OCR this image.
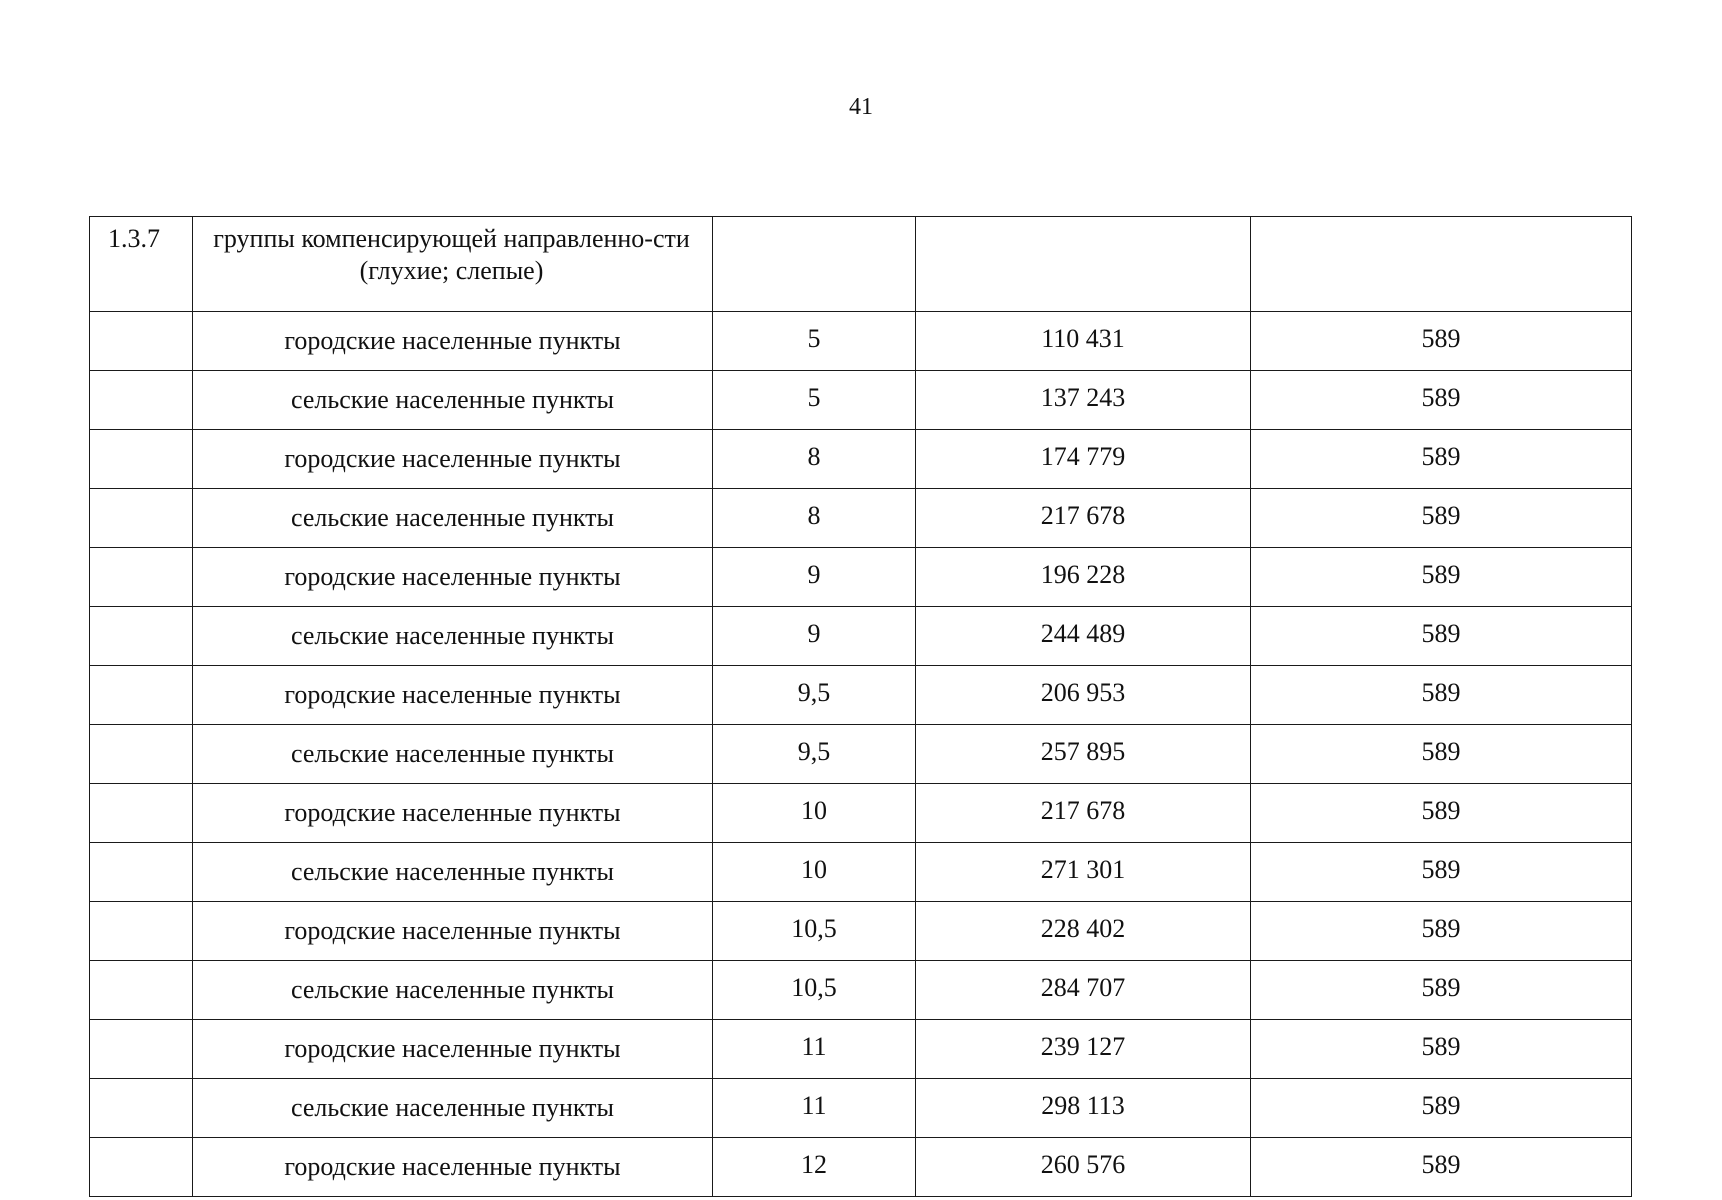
41
1.3.7	группы компенсирующей направленно-сти (глухие; слепые)			
	городские населенные пункты	5	110 431	589
	сельские населенные пункты	5	137 243	589
	городские населенные пункты	8	174 779	589
	сельские населенные пункты	8	217 678	589
	городские населенные пункты	9	196 228	589
	сельские населенные пункты	9	244 489	589
	городские населенные пункты	9,5	206 953	589
	сельские населенные пункты	9,5	257 895	589
	городские населенные пункты	10	217 678	589
	сельские населенные пункты	10	271 301	589
	городские населенные пункты	10,5	228 402	589
	сельские населенные пункты	10,5	284 707	589
	городские населенные пункты	11	239 127	589
	сельские населенные пункты	11	298 113	589
	городские населенные пункты	12	260 576	589
